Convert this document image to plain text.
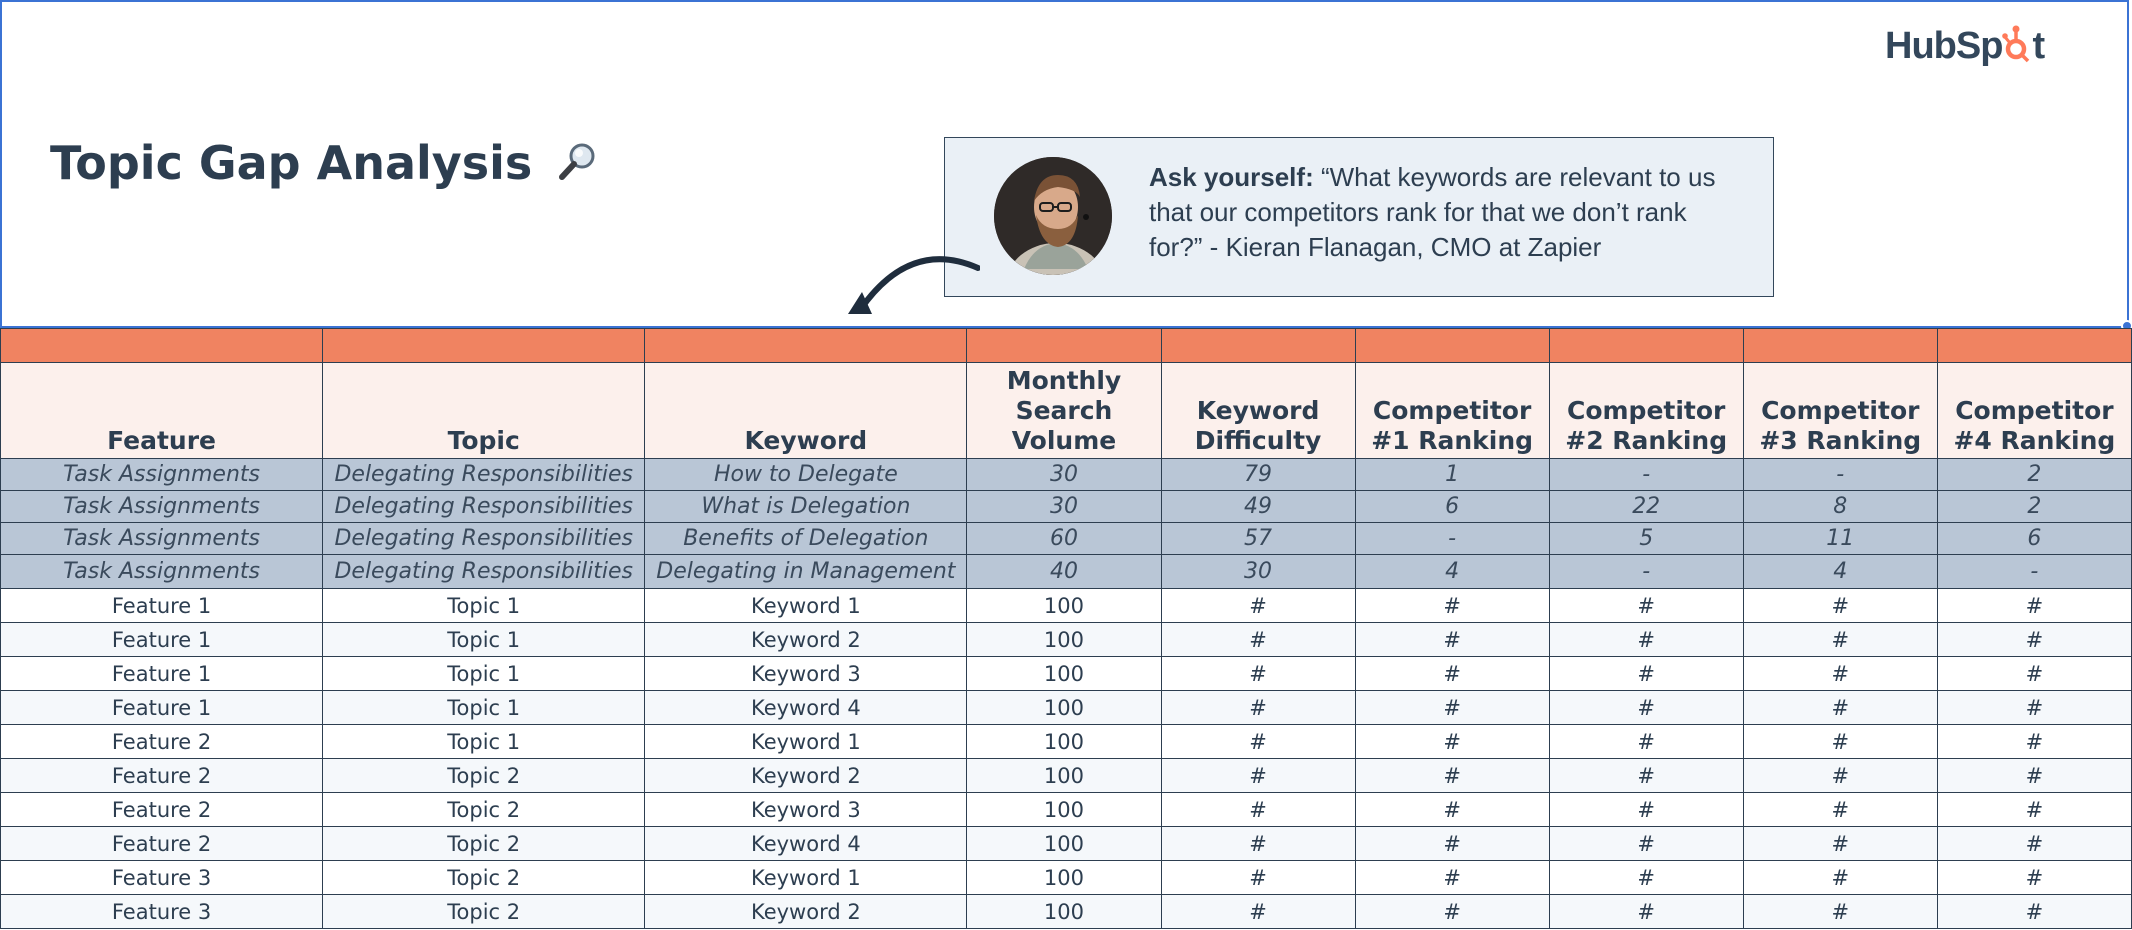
Topic Gap Analysis
HubSp t
Ask yourself: “What keywords are relevant to us that our competitors rank for that we don’t rank for?” - Kieran Flanagan, CMO at Zapier

Feature	Topic	Keyword	Monthly Search Volume	Keyword Difficulty	Competitor #1 Ranking	Competitor #2 Ranking	Competitor #3 Ranking	Competitor #4 Ranking
Task Assignments	Delegating Responsibilities	How to Delegate	30	79	1	-	-	2
Task Assignments	Delegating Responsibilities	What is Delegation	30	49	6	22	8	2
Task Assignments	Delegating Responsibilities	Benefits of Delegation	60	57	-	5	11	6
Task Assignments	Delegating Responsibilities	Delegating in Management	40	30	4	-	4	-
Feature 1	Topic 1	Keyword 1	100	#	#	#	#	#
Feature 1	Topic 1	Keyword 2	100	#	#	#	#	#
Feature 1	Topic 1	Keyword 3	100	#	#	#	#	#
Feature 1	Topic 1	Keyword 4	100	#	#	#	#	#
Feature 2	Topic 1	Keyword 1	100	#	#	#	#	#
Feature 2	Topic 2	Keyword 2	100	#	#	#	#	#
Feature 2	Topic 2	Keyword 3	100	#	#	#	#	#
Feature 2	Topic 2	Keyword 4	100	#	#	#	#	#
Feature 3	Topic 2	Keyword 1	100	#	#	#	#	#
Feature 3	Topic 2	Keyword 2	100	#	#	#	#	#
